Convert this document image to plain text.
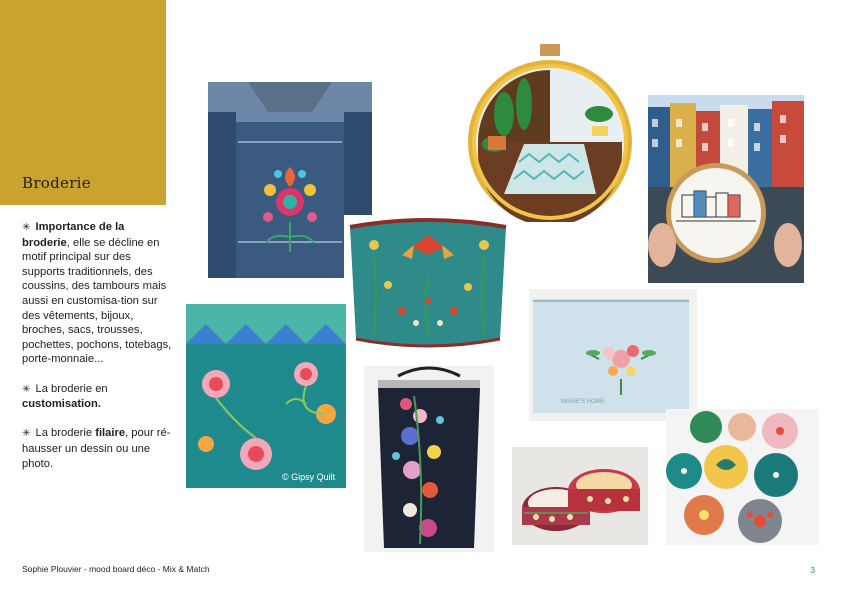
Broderie

✳ Importance de la broderie, elle se décline en motif principal sur des supports traditionnels, des coussins, des tambours mais aussi en customisa-tion sur des vêtements, bijoux, broches, sacs, trousses, pochettes, pochons, totebags, porte-monnaie...

✳ La broderie en customisation.

✳ La broderie filaire, pour ré-hausser un dessin ou une photo.

MARIE'S HOME
© Gipsy Quilt
Sophie Plouvier - mood board déco - Mix & Match	3
